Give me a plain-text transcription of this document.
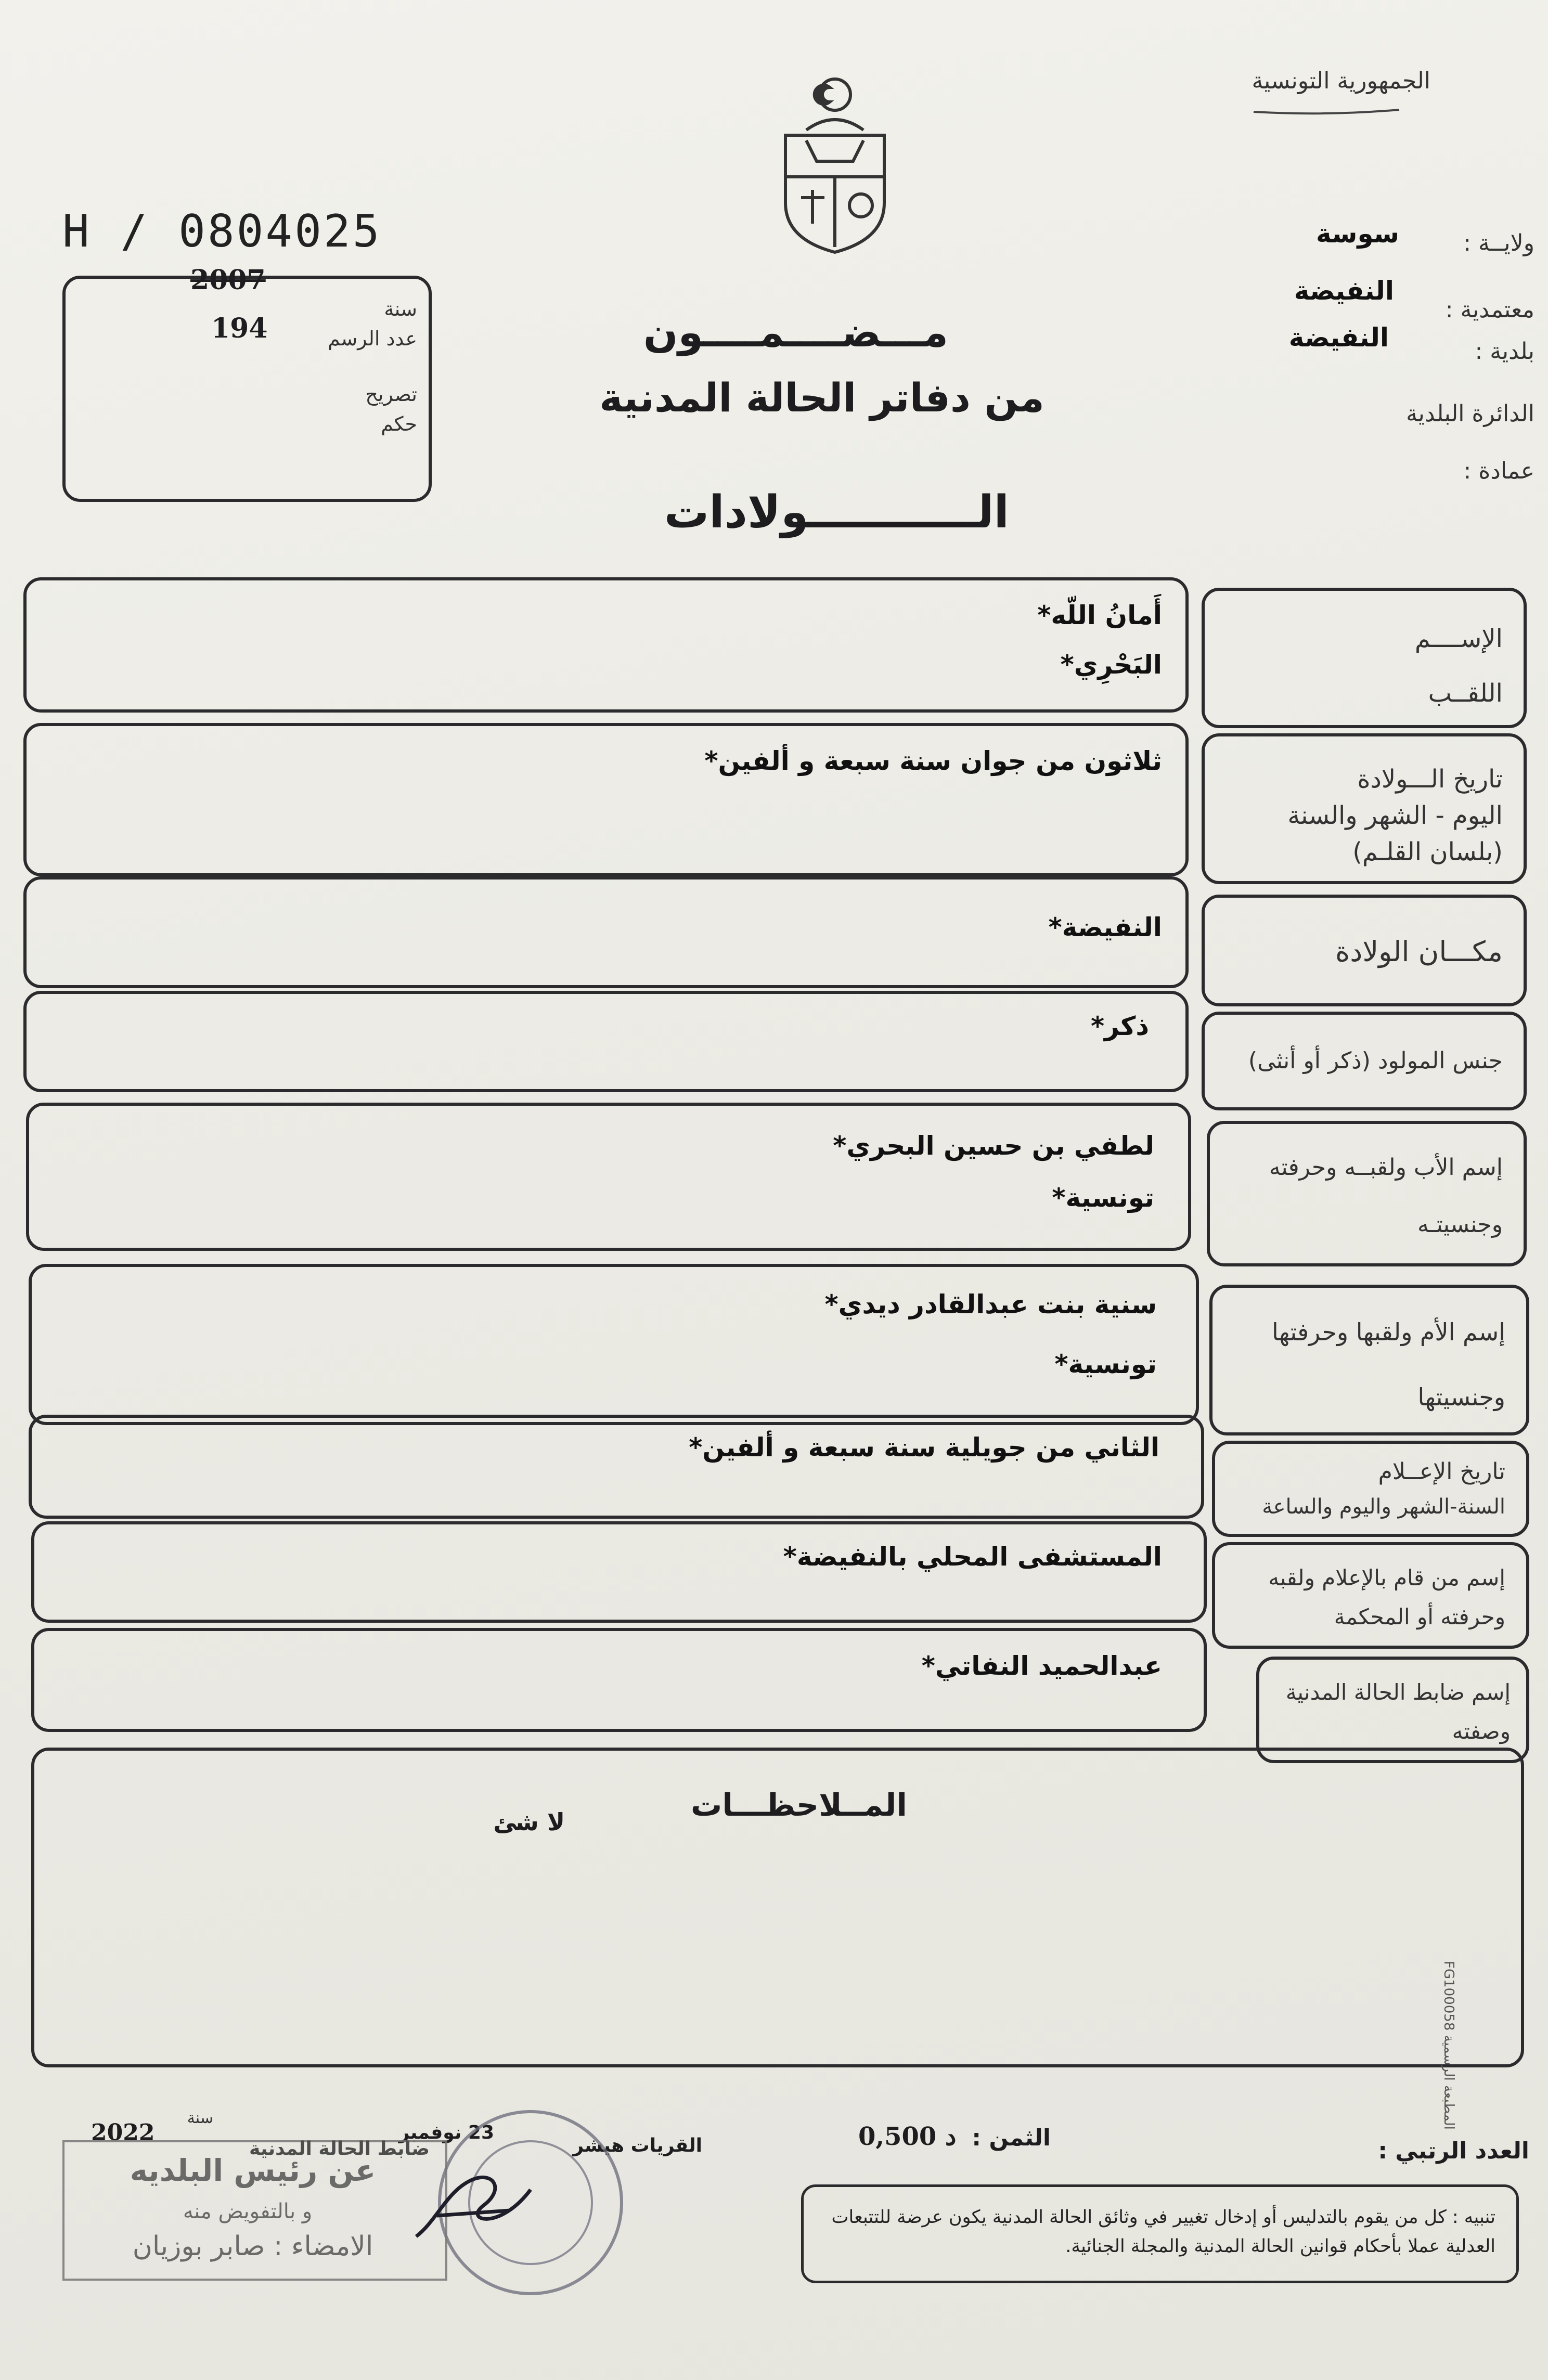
الجمهورية التونسية
ولايــة :
سوسة
معتمدية :
النفيضة
بلدية :
النفيضة
الدائرة البلدية
عمادة :
H / 0804025
2007
194
سنة
عدد الرسم
تصريح
حكم
مـــضــــمــــون
من دفاتر الحالة المدنية
الـــــــــــولادات
أَمانُ اللّه*
البَحْرِي*
الإســــم
اللقــب
ثلاثون من جوان سنة سبعة و ألفين*
تاريخ الـــولادة
اليوم - الشهر والسنة
(بلسان القلـم)
النفيضة*
مكـــان الولادة
ذكر*
جنس المولود (ذكر أو أنثى)
لطفي بن حسين البحري*
تونسية*
إسم الأب ولقبــه وحرفته
وجنسيتـه
سنية بنت عبدالقادر ديدي*
تونسية*
إسم الأم ولقبها وحرفتها
وجنسيتها
الثاني من جويلية سنة سبعة و ألفين*
تاريخ الإعــلام
السنة-الشهر واليوم والساعة
المستشفى المحلي بالنفيضة*
إسم من قام بالإعلام ولقبه
وحرفته أو المحكمة
عبدالحميد النفاتي*
إسم ضابط الحالة المدنية
وصفته
المــلاحظـــات
لا شئ
المطبعة الرسمية FG100058
القريات هيشر
23 نوفمبر
سنة
2022	الثمن :
0,500 د	العدد الرتبي :
ضابط الحالة المدنية
عن رئيس البلديه
و بالتفويض منه
الامضاء : صابر بوزيان
تنبيه : كل من يقوم بالتدليس أو إدخال تغيير في وثائق الحالة المدنية يكون عرضة للتتبعات العدلية عملا بأحكام قوانين الحالة المدنية والمجلة الجنائية.
